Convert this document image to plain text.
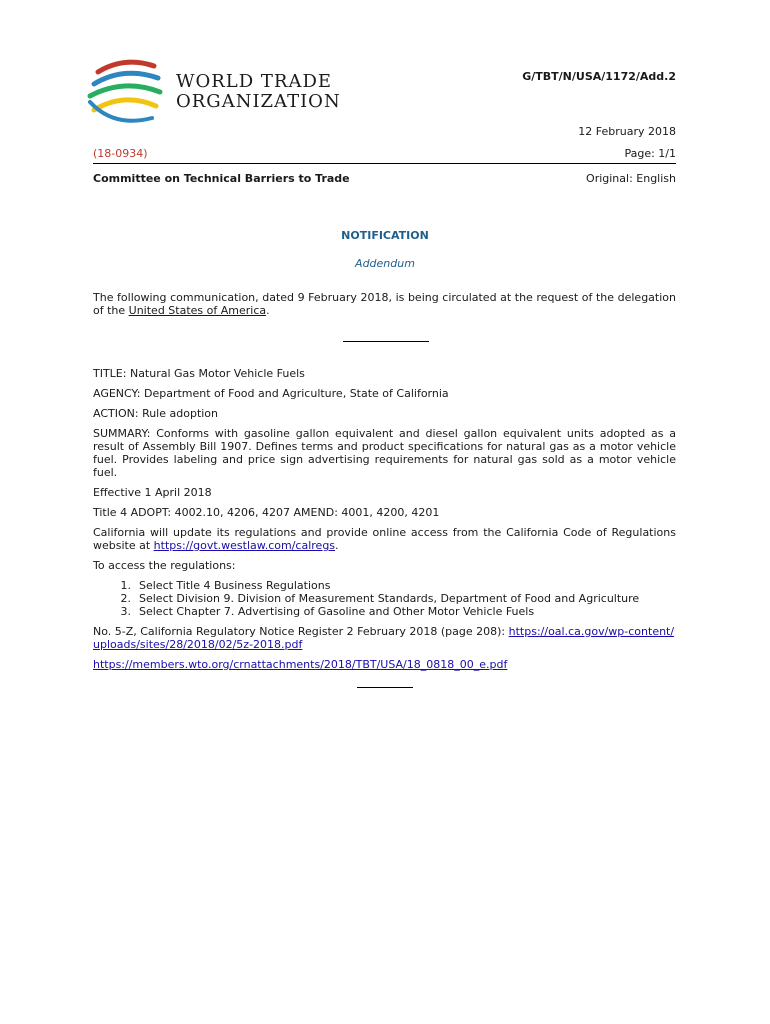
WORLD TRADE
ORGANIZATION
G/TBT/N/USA/1172/Add.2
12 February 2018
(18-0934)	Page: 1/1
Committee on Technical Barriers to Trade	Original: English
NOTIFICATION
Addendum
The following communication, dated 9 February 2018, is being circulated at the request of the delegation of the United States of America.

TITLE: Natural Gas Motor Vehicle Fuels

AGENCY: Department of Food and Agriculture, State of California

ACTION: Rule adoption

SUMMARY: Conforms with gasoline gallon equivalent and diesel gallon equivalent units adopted as a result of Assembly Bill 1907. Defines terms and product specifications for natural gas as a motor vehicle fuel. Provides labeling and price sign advertising requirements for natural gas sold as a motor vehicle fuel.

Effective 1 April 2018

Title 4 ADOPT: 4002.10, 4206, 4207 AMEND: 4001, 4200, 4201

California will update its regulations and provide online access from the California Code of Regulations website at https://govt.westlaw.com/calregs.

To access the regulations:

1. Select Title 4 Business Regulations
2. Select Division 9. Division of Measurement Standards, Department of Food and Agriculture
3. Select Chapter 7. Advertising of Gasoline and Other Motor Vehicle Fuels

No. 5-Z, California Regulatory Notice Register 2 February 2018 (page 208): https://oal.ca.gov/wp-content/uploads/sites/28/2018/02/5z-2018.pdf

https://members.wto.org/crnattachments/2018/TBT/USA/18_0818_00_e.pdf
